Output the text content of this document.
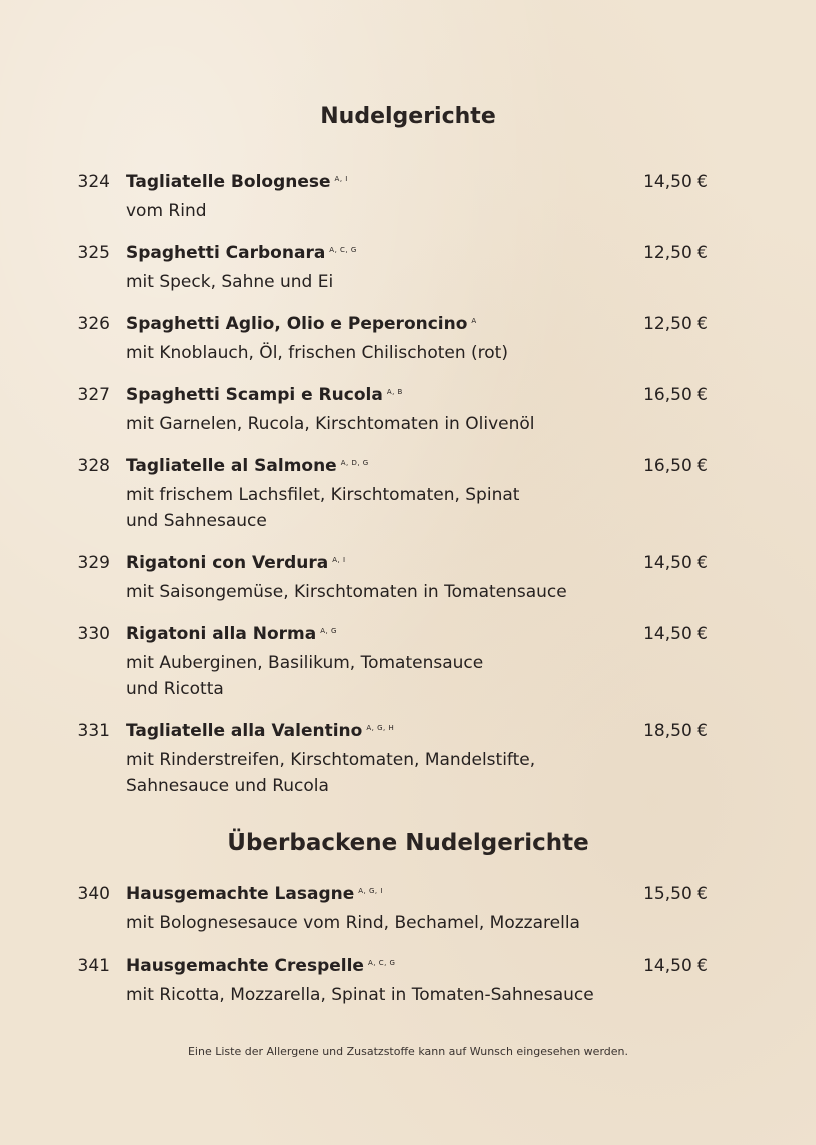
Nudelgerichte
324 Tagliatelle Bolognese $^{A, I}$	14,50 €
vom Rind
325 Spaghetti Carbonara $^{A, C, G}$	12,50 €
mit Speck, Sahne und Ei
326 Spaghetti Aglio, Olio e Peperoncino $^A$	12,50 €
mit Knoblauch, Öl, frischen Chilischoten (rot)
327 Spaghetti Scampi e Rucola $^{A, B}$	16,50 €
mit Garnelen, Rucola, Kirschtomaten in Olivenöl
328 Tagliatelle al Salmone $^{A, D, G}$	16,50 €
mit frischem Lachsfilet, Kirschtomaten, Spinat
und Sahnesauce
329 Rigatoni con Verdura $^{A, I}$	14,50 €
mit Saisongemüse, Kirschtomaten in Tomatensauce
330 Rigatoni alla Norma $^{A, G}$	14,50 €
mit Auberginen, Basilikum, Tomatensauce
und Ricotta
331 Tagliatelle alla Valentino $^{A, G, H}$	18,50 €
mit Rinderstreifen, Kirschtomaten, Mandelstifte,
Sahnesauce und Rucola
Überbackene Nudelgerichte
340 Hausgemachte Lasagne $^{A, G, I}$	15,50 €
mit Bolognesesauce vom Rind, Bechamel, Mozzarella
341 Hausgemachte Crespelle $^{A, C, G}$	14,50 €
mit Ricotta, Mozzarella, Spinat in Tomaten-Sahnesauce
Eine Liste der Allergene und Zusatzstoffe kann auf Wunsch eingesehen werden.
